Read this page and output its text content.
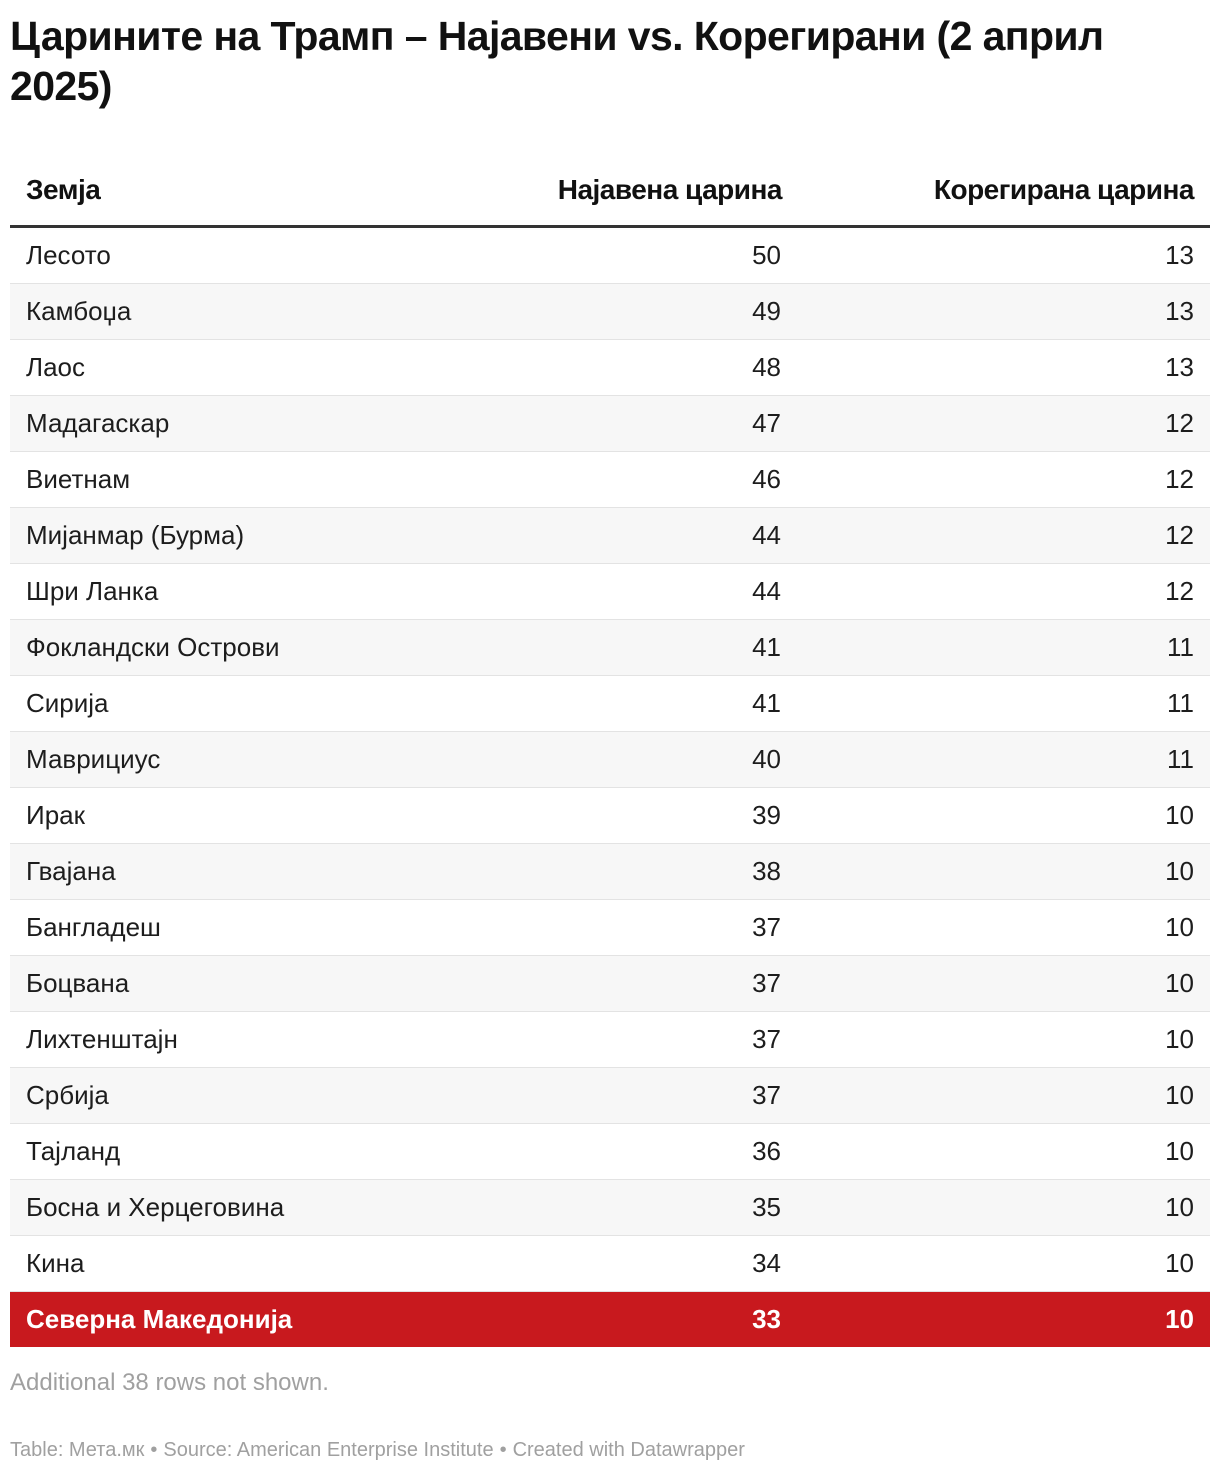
Царините на Трамп – Најавени vs. Корегирани (2 април 2025)
Земја	Најавена царина	Корегирана царина
Лесото	50	13
Камбоџа	49	13
Лаос	48	13
Мадагаскар	47	12
Виетнам	46	12
Мијанмар (Бурма)	44	12
Шри Ланка	44	12
Фокландски Острови	41	11
Сирија	41	11
Маврициус	40	11
Ирак	39	10
Гвајана	38	10
Бангладеш	37	10
Боцвана	37	10
Лихтенштајн	37	10
Србија	37	10
Тајланд	36	10
Босна и Херцеговина	35	10
Кина	34	10
Северна Македонија	33	10
Additional 38 rows not shown.
Table: Мета.мк • Source: American Enterprise Institute • Created with Datawrapper
